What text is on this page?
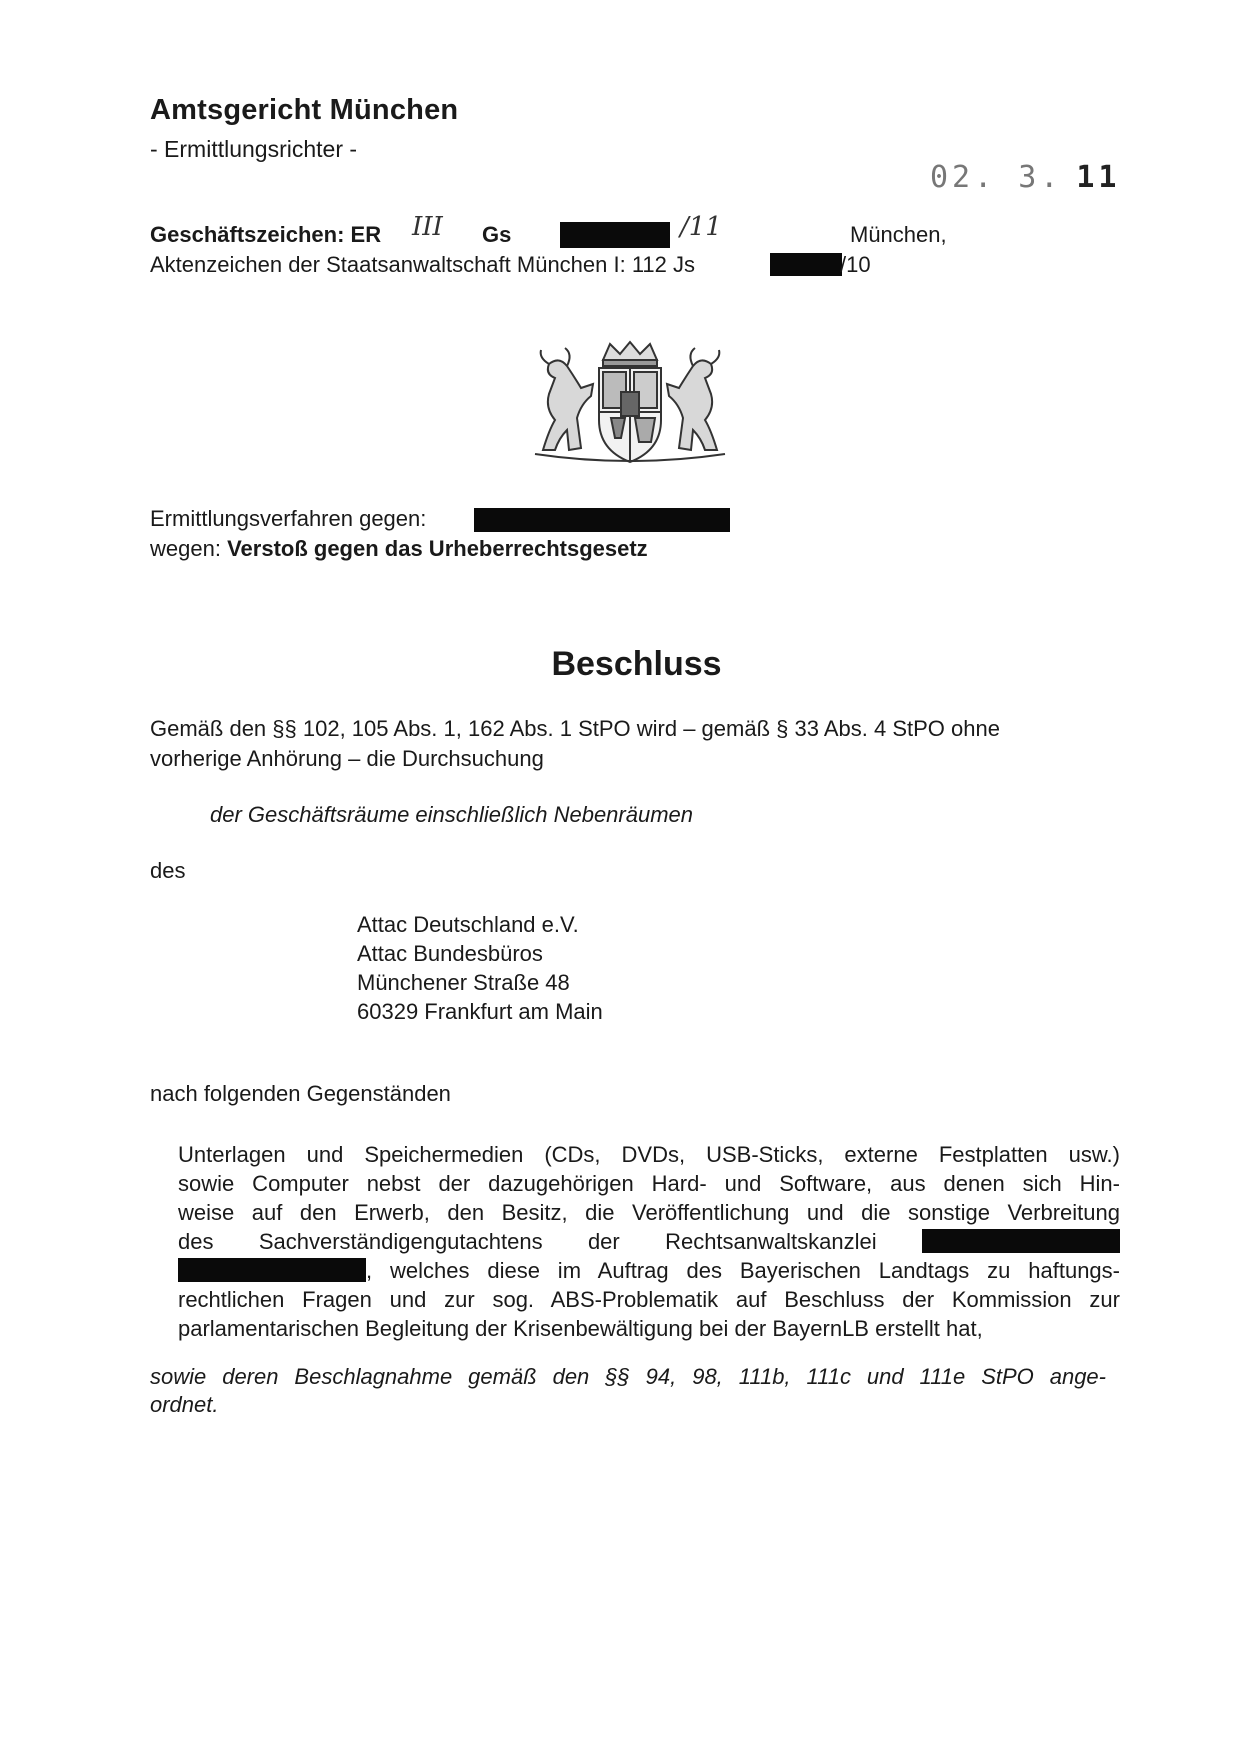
Amtsgericht München
- Ermittlungsrichter -
02. 3. 11
Geschäftszeichen: ER III Gs	/11	München,
Aktenzeichen der Staatsanwaltschaft München I: 112 Js	/10
Ermittlungsverfahren gegen:
wegen: Verstoß gegen das Urheberrechtsgesetz
Beschluss
Gemäß den §§ 102, 105 Abs. 1, 162 Abs. 1 StPO wird – gemäß § 33 Abs. 4 StPO ohne
vorherige Anhörung – die Durchsuchung
der Geschäftsräume einschließlich Nebenräumen
des
Attac Deutschland e.V.
Attac Bundesbüros
Münchener Straße 48
60329 Frankfurt am Main
nach folgenden Gegenständen
Unterlagen und Speichermedien (CDs, DVDs, USB-Sticks, externe Festplatten usw.)
sowie Computer nebst der dazugehörigen Hard- und Software, aus denen sich Hin-
weise auf den Erwerb, den Besitz, die Veröffentlichung und die sonstige Verbreitung
des Sachverständigengutachtens der Rechtsanwaltskanzlei
, welches diese im Auftrag des Bayerischen Landtags zu haftungs-
rechtlichen Fragen und zur sog. ABS-Problematik auf Beschluss der Kommission zur
parlamentarischen Begleitung der Krisenbewältigung bei der BayernLB erstellt hat,
sowie deren Beschlagnahme gemäß den §§ 94, 98, 111b, 111c und 111e StPO ange-
ordnet.
